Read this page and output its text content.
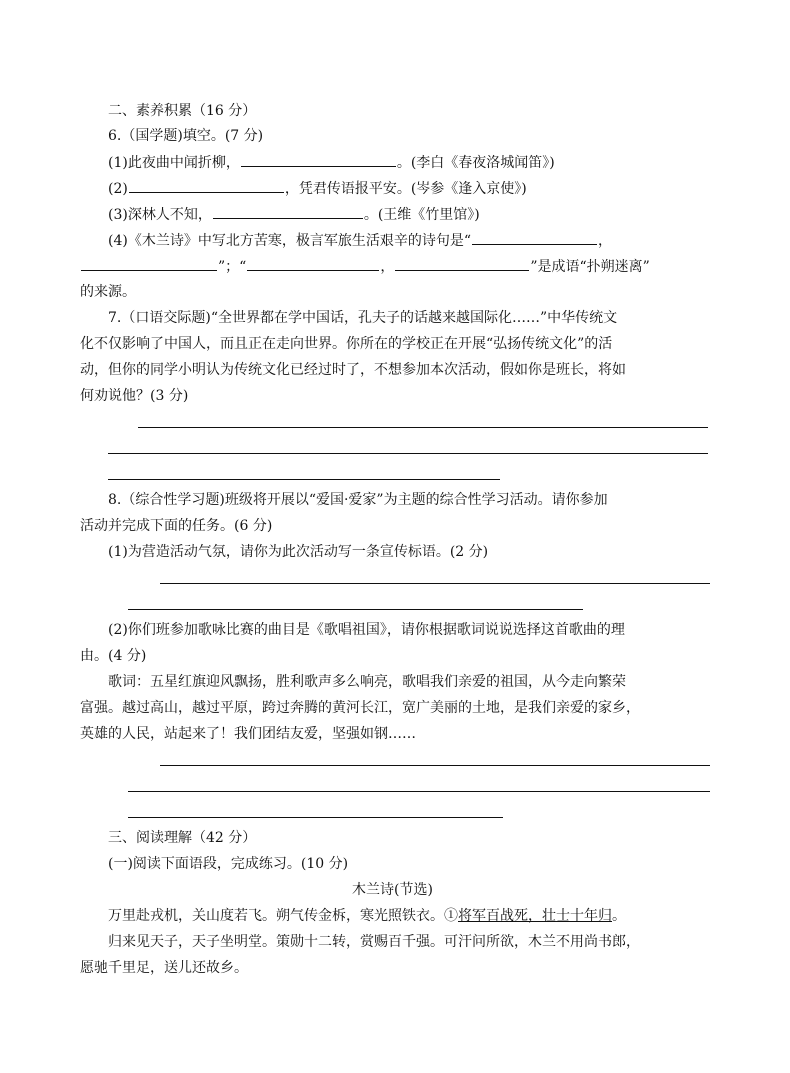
二、素养积累（16 分）
6.（国学题)填空。(7 分)
(1)此夜曲中闻折柳，	。(李白《春夜洛城闻笛》)
(2)	，凭君传语报平安。(岑参《逢入京使》)
(3)深林人不知，	。(王维《竹里馆》)
(4)《木兰诗》中写北方苦寒，极言军旅生活艰辛的诗句是“	，
”；“	，	”是成语“扑朔迷离”
的来源。
7.（口语交际题)“全世界都在学中国话，孔夫子的话越来越国际化……”中华传统文
化不仅影响了中国人，而且正在走向世界。你所在的学校正在开展“弘扬传统文化”的活
动，但你的同学小明认为传统文化已经过时了，不想参加本次活动，假如你是班长，将如
何劝说他？(3 分)
8.（综合性学习题)班级将开展以“爱国·爱家”为主题的综合性学习活动。请你参加
活动并完成下面的任务。(6 分)
(1)为营造活动气氛，请你为此次活动写一条宣传标语。(2 分)
(2)你们班参加歌咏比赛的曲目是《歌唱祖国》，请你根据歌词说说选择这首歌曲的理
由。(4 分)
歌词：五星红旗迎风飘扬，胜利歌声多么响亮，歌唱我们亲爱的祖国，从今走向繁荣
富强。越过高山，越过平原，跨过奔腾的黄河长江，宽广美丽的土地，是我们亲爱的家乡，
英雄的人民，站起来了！我们团结友爱，坚强如钢……
三、阅读理解（42 分）
(一)阅读下面语段，完成练习。(10 分)
木兰诗(节选)
万里赴戎机，关山度若飞。朔气传金柝，寒光照铁衣。①将军百战死，壮士十年归。
归来见天子，天子坐明堂。策勋十二转，赏赐百千强。可汗问所欲，木兰不用尚书郎，
愿驰千里足，送儿还故乡。
